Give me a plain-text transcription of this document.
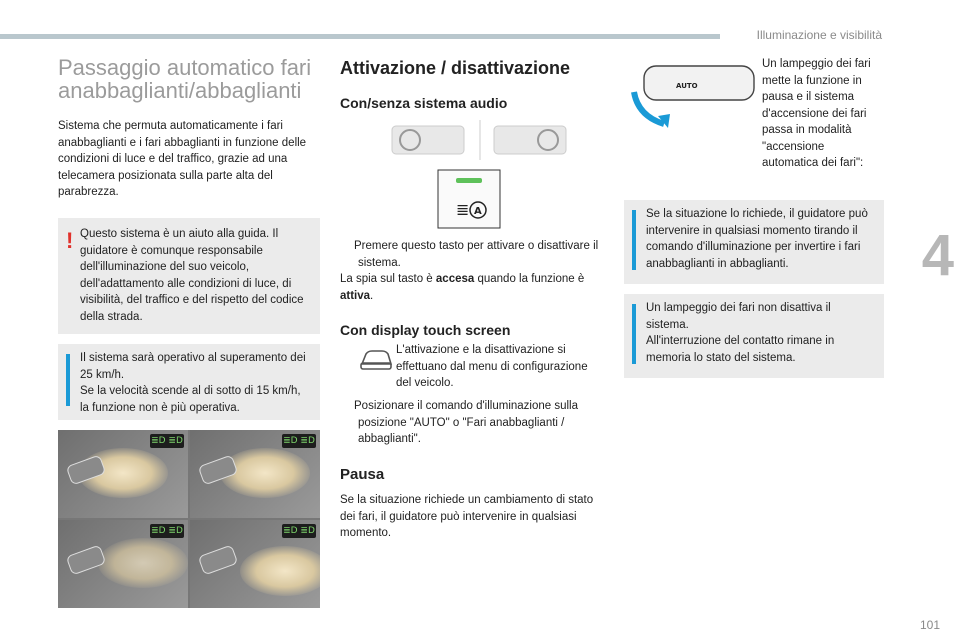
Illuminazione e visibilità
4
101
Passaggio automatico fari
anabbaglianti/abbaglianti

Sistema che permuta automaticamente i fari anabbaglianti e i fari abbaglianti in funzione delle condizioni di luce e del traffico, grazie ad una telecamera posizionata sulla parte alta del parabrezza.

! Questo sistema è un aiuto alla guida. Il guidatore è comunque responsabile dell'illuminazione del suo veicolo, dell'adattamento alle condizioni di luce, di visibilità, del traffico e del rispetto del codice della strada.
Il sistema sarà operativo al superamento dei 25 km/h.
Se la velocità scende al di sotto di 15 km/h, la funzione non è più operativa.
≣D ≣D	≣D ≣D
≣D ≣D	≣D ≣D
Attivazione / disattivazione
Con/senza sistema audio
≣ A

Premere questo tasto per attivare o disattivare il sistema.

La spia sul tasto è accesa quando la funzione è attiva.

Con display touch screen

L'attivazione e la disattivazione si effettuano dal menu di configurazione del veicolo.

Posizionare il comando d'illuminazione sulla posizione "AUTO" o "Fari anabbaglianti / abbaglianti".

Pausa

Se la situazione richiede un cambiamento di stato dei fari, il guidatore può intervenire in qualsiasi momento.

AUTO

Un lampeggio dei fari mette la funzione in pausa e il sistema d'accensione dei fari passa in modalità "accensione automatica dei fari":

Se la situazione lo richiede, il guidatore può intervenire in qualsiasi momento tirando il comando d'illuminazione per invertire i fari anabbaglianti in abbaglianti.
Un lampeggio dei fari non disattiva il sistema.
All'interruzione del contatto rimane in memoria lo stato del sistema.
